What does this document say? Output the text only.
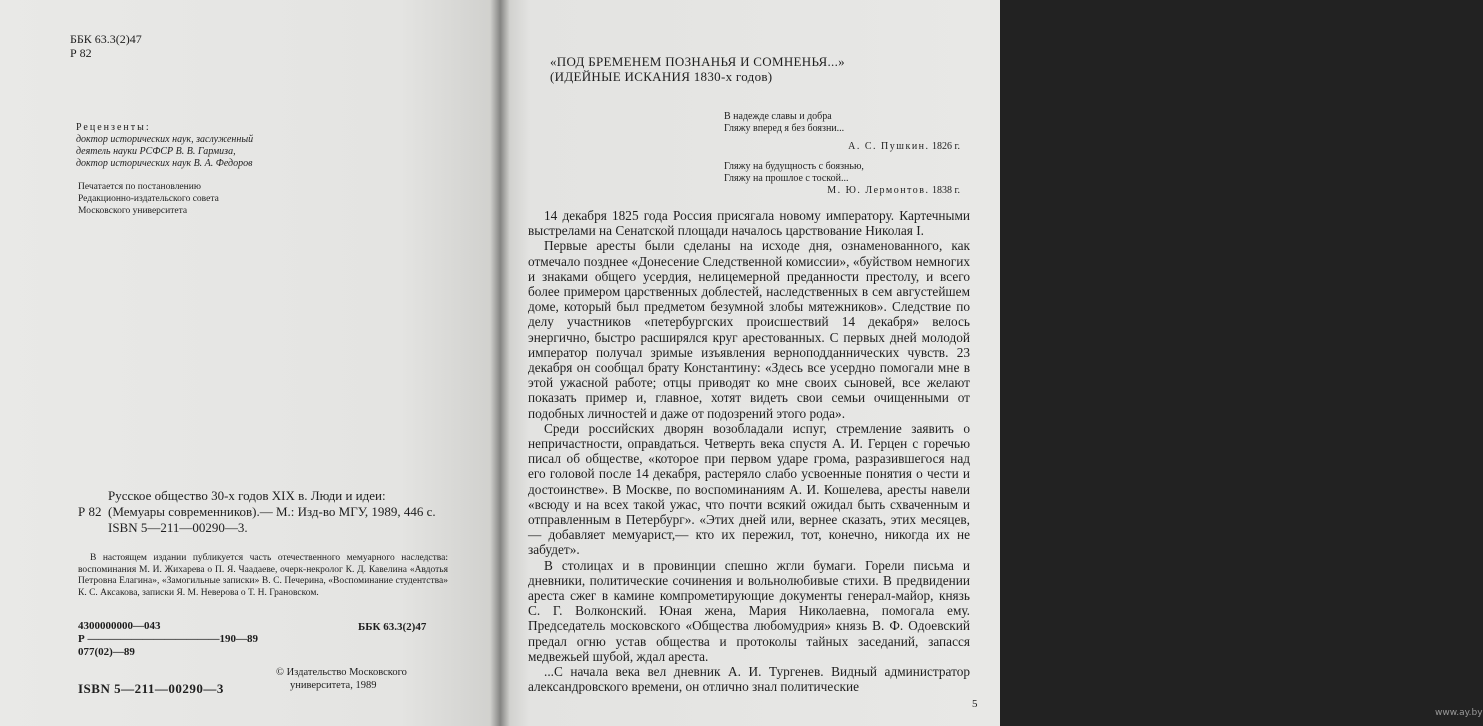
ББК 63.3(2)47
Р 82
Рецензенты:
доктор исторических наук, заслуженный
деятель науки РСФСР В. В. Гармиза,
доктор исторических наук В. А. Федоров
Печатается по постановлению
Редакционно-издательского совета
Московского университета
Русское общество 30-х годов XIX в. Люди и идеи:
Р 82 (Мемуары современников).— М.: Изд-во МГУ, 1989, 446 с.
ISBN 5—211—00290—3.
В настоящем издании публикуется часть отечественного мемуарного наследства: воспоминания М. И. Жихарева о П. Я. Чаадаеве, очерк-некролог К. Д. Кавелина «Авдотья Петровна Елагина», «Замогильные записки» В. С. Печерина, «Воспоминание студентства» К. С. Аксакова, записки Я. М. Неверова о Т. Н. Грановском.
4300000000—043
Р ————————————190—89
077(02)—89
ББК 63.3(2)47
ISBN 5—211—00290—3
© Издательство Московского
университета, 1989
«ПОД БРЕМЕНЕМ ПОЗНАНЬЯ И СОМНЕНЬЯ...»
(ИДЕЙНЫЕ ИСКАНИЯ 1830-х годов)
В надежде славы и добра
Гляжу вперед я без боязни...
А. С. Пушкин. 1826 г.
Гляжу на будущность с боязнью,
Гляжу на прошлое с тоской...
М. Ю. Лермонтов. 1838 г.

14 декабря 1825 года Россия присягала новому императору. Картечными выстрелами на Сенатской площади началось царствование Николая I.

Первые аресты были сделаны на исходе дня, ознаменованного, как отмечало позднее «Донесение Следственной комиссии», «буйством немногих и знаками общего усердия, нелицемерной преданности престолу, и всего более примером царственных доблестей, наследственных в сем августейшем доме, который был предметом безумной злобы мятежников». Следствие по делу участников «петербургских происшествий 14 декабря» велось энергично, быстро расширялся круг арестованных. С первых дней молодой император получал зримые изъявления верноподданнических чувств. 23 декабря он сообщал брату Константину: «Здесь все усердно помогали мне в этой ужасной работе; отцы приводят ко мне своих сыновей, все желают показать пример и, главное, хотят видеть свои семьи очищенными от подобных личностей и даже от подозрений этого рода».

Среди российских дворян возобладали испуг, стремление заявить о непричастности, оправдаться. Четверть века спустя А. И. Герцен с горечью писал об обществе, «которое при первом ударе грома, разразившегося над его головой после 14 декабря, растеряло слабо усвоенные понятия о чести и достоинстве». В Москве, по воспоминаниям А. И. Кошелева, аресты навели «всюду и на всех такой ужас, что почти всякий ожидал быть схваченным и отправленным в Петербург». «Этих дней или, вернее сказать, этих месяцев,— добавляет мемуарист,— кто их пережил, тот, конечно, никогда их не забудет».

В столицах и в провинции спешно жгли бумаги. Горели письма и дневники, политические сочинения и вольнолюбивые стихи. В предвидении ареста сжег в камине компрометирующие документы генерал-майор, князь С. Г. Волконский. Юная жена, Мария Николаевна, помогала ему. Председатель московского «Общества любомудрия» князь В. Ф. Одоевский предал огню устав общества и протоколы тайных заседаний, запасся медвежьей шубой, ждал ареста.

...С начала века вел дневник А. И. Тургенев. Видный администратор александровского времени, он отлично знал политические

5
www.ay.by
